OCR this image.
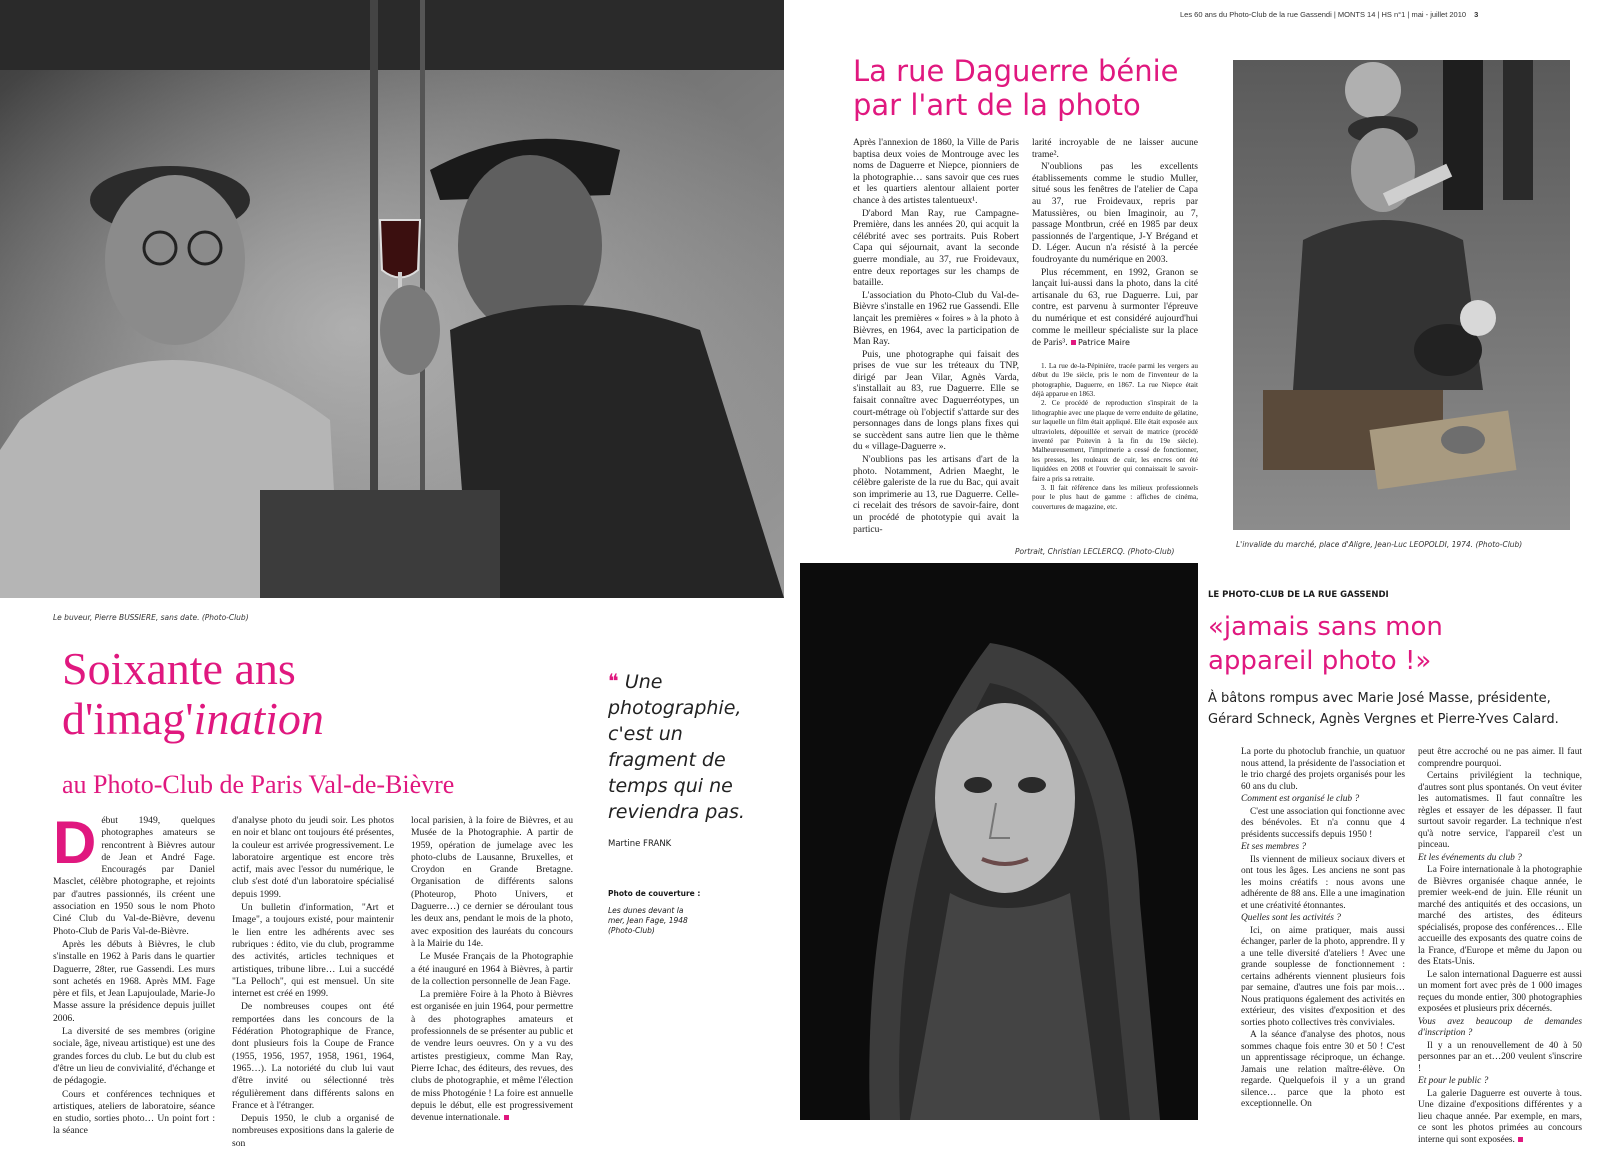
Le buveur, Pierre BUSSIERE, sans date. (Photo-Club)
Soixante ans
d'imag'ination
au Photo-Club de Paris Val-de-Bièvre
D ébut 1949, quelques photographes amateurs se rencontrent à Bièvres autour de Jean et André Fage. Encouragés par Daniel Masclet, célèbre photographe, et rejoints par d'autres passionnés, ils créent une association en 1950 sous le nom Photo Ciné Club du Val-de-Bièvre, devenu Photo-Club de Paris Val-de-Bièvre.

Après les débuts à Bièvres, le club s'installe en 1962 à Paris dans le quartier Daguerre, 28ter, rue Gassendi. Les murs sont achetés en 1968. Après MM. Fage père et fils, et Jean Lapujoulade, Marie-Jo Masse assure la présidence depuis juillet 2006.

La diversité de ses membres (origine sociale, âge, niveau artistique) est une des grandes forces du club. Le but du club est d'être un lieu de convivialité, d'échange et de pédagogie.

Cours et conférences techniques et artistiques, ateliers de laboratoire, séance en studio, sorties photo… Un point fort : la séance

d'analyse photo du jeudi soir. Les photos en noir et blanc ont toujours été présentes, la couleur est arrivée progressivement. Le laboratoire argentique est encore très actif, mais avec l'essor du numérique, le club s'est doté d'un laboratoire spécialisé depuis 1999.

Un bulletin d'information, "Art et Image", a toujours existé, pour maintenir le lien entre les adhérents avec ses rubriques : édito, vie du club, programme des activités, articles techniques et artistiques, tribune libre… Lui a succédé "La Pelloch", qui est mensuel. Un site internet est créé en 1999.

De nombreuses coupes ont été remportées dans les concours de la Fédération Photographique de France, dont plusieurs fois la Coupe de France (1955, 1956, 1957, 1958, 1961, 1964, 1965…). La notoriété du club lui vaut d'être invité ou sélectionné très régulièrement dans différents salons en France et à l'étranger.

Depuis 1950, le club a organisé de nombreuses expositions dans la galerie de son

local parisien, à la foire de Bièvres, et au Musée de la Photographie. A partir de 1959, opération de jumelage avec les photo-clubs de Lausanne, Bruxelles, et Croydon en Grande Bretagne. Organisation de différents salons (Photeurop, Photo Univers, et Daguerre…) ce dernier se déroulant tous les deux ans, pendant le mois de la photo, avec exposition des lauréats du concours à la Mairie du 14e.

Le Musée Français de la Photographie a été inauguré en 1964 à Bièvres, à partir de la collection personnelle de Jean Fage.

La première Foire à la Photo à Bièvres est organisée en juin 1964, pour permettre à des photographes amateurs et professionnels de se présenter au public et de vendre leurs oeuvres. On y a vu des artistes prestigieux, comme Man Ray, Pierre Ichac, des éditeurs, des revues, des clubs de photographie, et même l'élection de miss Photogénie ! La foire est annuelle depuis le début, elle est progressivement devenue internationale.

❝ Une photographie, c'est un fragment de temps qui ne reviendra pas.
Martine FRANK
Photo de couverture :
Les dunes devant la mer, Jean Fage, 1948 (Photo-Club)
Les 60 ans du Photo-Club de la rue Gassendi | MONTS 14 | HS n°1 | mai - juillet 2010 3
La rue Daguerre bénie
par l'art de la photo

Après l'annexion de 1860, la Ville de Paris baptisa deux voies de Montrouge avec les noms de Daguerre et Niepce, pionniers de la photographie… sans savoir que ces rues et les quartiers alentour allaient porter chance à des artistes talentueux¹.

D'abord Man Ray, rue Campagne-Première, dans les années 20, qui acquit la célébrité avec ses portraits. Puis Robert Capa qui séjournait, avant la seconde guerre mondiale, au 37, rue Froidevaux, entre deux reportages sur les champs de bataille.

L'association du Photo-Club du Val-de-Bièvre s'installe en 1962 rue Gassendi. Elle lançait les premières « foires » à la photo à Bièvres, en 1964, avec la participation de Man Ray.

Puis, une photographe qui faisait des prises de vue sur les tréteaux du TNP, dirigé par Jean Vilar, Agnès Varda, s'installait au 83, rue Daguerre. Elle se faisait connaître avec Daguerréotypes, un court-métrage où l'objectif s'attarde sur des personnages dans de longs plans fixes qui se succèdent sans autre lien que le thème du « village-Daguerre ».

N'oublions pas les artisans d'art de la photo. Notamment, Adrien Maeght, le célèbre galeriste de la rue du Bac, qui avait son imprimerie au 13, rue Daguerre. Celle-ci recelait des trésors de savoir-faire, dont un procédé de phototypie qui avait la particu-

larité incroyable de ne laisser aucune trame².

N'oublions pas les excellents établissements comme le studio Muller, situé sous les fenêtres de l'atelier de Capa au 37, rue Froidevaux, repris par Matussières, ou bien Imaginoir, au 7, passage Montbrun, créé en 1985 par deux passionnés de l'argentique, J-Y Brégand et D. Léger. Aucun n'a résisté à la percée foudroyante du numérique en 2003.

Plus récemment, en 1992, Granon se lançait lui-aussi dans la photo, dans la cité artisanale du 63, rue Daguerre. Lui, par contre, est parvenu à surmonter l'épreuve du numérique et est considéré aujourd'hui comme le meilleur spécialiste sur la place de Paris³. Patrice Maire

1. La rue de-la-Pépinière, tracée parmi les vergers au début du 19e siècle, pris le nom de l'inventeur de la photographie, Daguerre, en 1867. La rue Niepce était déjà apparue en 1863.

2. Ce procédé de reproduction s'inspirait de la lithographie avec une plaque de verre enduite de gélatine, sur laquelle un film était appliqué. Elle était exposée aux ultraviolets, dépouillée et servait de matrice (procédé inventé par Poitevin à la fin du 19e siècle). Malheureusement, l'imprimerie a cessé de fonctionner, les presses, les rouleaux de cuir, les encres ont été liquidées en 2008 et l'ouvrier qui connaissait le savoir-faire a pris sa retraite.

3. Il fait référence dans les milieux professionnels pour le plus haut de gamme : affiches de cinéma, couvertures de magazine, etc.

L'invalide du marché, place d'Aligre, Jean-Luc LEOPOLDI, 1974. (Photo-Club)
Portrait, Christian LECLERCQ. (Photo-Club)
LE PHOTO-CLUB DE LA RUE GASSENDI
«jamais sans mon
appareil photo !»
À bâtons rompus avec Marie José Masse, présidente, Gérard Schneck, Agnès Vergnes et Pierre-Yves Calard.

La porte du photoclub franchie, un quatuor nous attend, la présidente de l'association et le trio chargé des projets organisés pour les 60 ans du club.

Comment est organisé le club ?

C'est une association qui fonctionne avec des bénévoles. Et n'a connu que 4 présidents successifs depuis 1950 !

Et ses membres ?

Ils viennent de milieux sociaux divers et ont tous les âges. Les anciens ne sont pas les moins créatifs : nous avons une adhérente de 88 ans. Elle a une imagination et une créativité étonnantes.

Quelles sont les activités ?

Ici, on aime pratiquer, mais aussi échanger, parler de la photo, apprendre. Il y a une telle diversité d'ateliers ! Avec une grande souplesse de fonctionnement : certains adhérents viennent plusieurs fois par semaine, d'autres une fois par mois… Nous pratiquons également des activités en extérieur, des visites d'exposition et des sorties photo collectives très conviviales.

A la séance d'analyse des photos, nous sommes chaque fois entre 30 et 50 ! C'est un apprentissage réciproque, un échange. Jamais une relation maître-élève. On regarde. Quelquefois il y a un grand silence… parce que la photo est exceptionnelle. On

peut être accroché ou ne pas aimer. Il faut comprendre pourquoi.

Certains privilégient la technique, d'autres sont plus spontanés. On veut éviter les automatismes. Il faut connaître les règles et essayer de les dépasser. Il faut surtout savoir regarder. La technique n'est qu'à notre service, l'appareil c'est un pinceau.

Et les événements du club ?

La Foire internationale à la photographie de Bièvres organisée chaque année, le premier week-end de juin. Elle réunit un marché des antiquités et des occasions, un marché des artistes, des éditeurs spécialisés, propose des conférences… Elle accueille des exposants des quatre coins de la France, d'Europe et même du Japon ou des Etats-Unis.

Le salon international Daguerre est aussi un moment fort avec près de 1 000 images reçues du monde entier, 300 photographies exposées et plusieurs prix décernés.

Vous avez beaucoup de demandes d'inscription ?

Il y a un renouvellement de 40 à 50 personnes par an et…200 veulent s'inscrire !

Et pour le public ?

La galerie Daguerre est ouverte à tous. Une dizaine d'expositions différentes y a lieu chaque année. Par exemple, en mars, ce sont les photos primées au concours interne qui sont exposées.
